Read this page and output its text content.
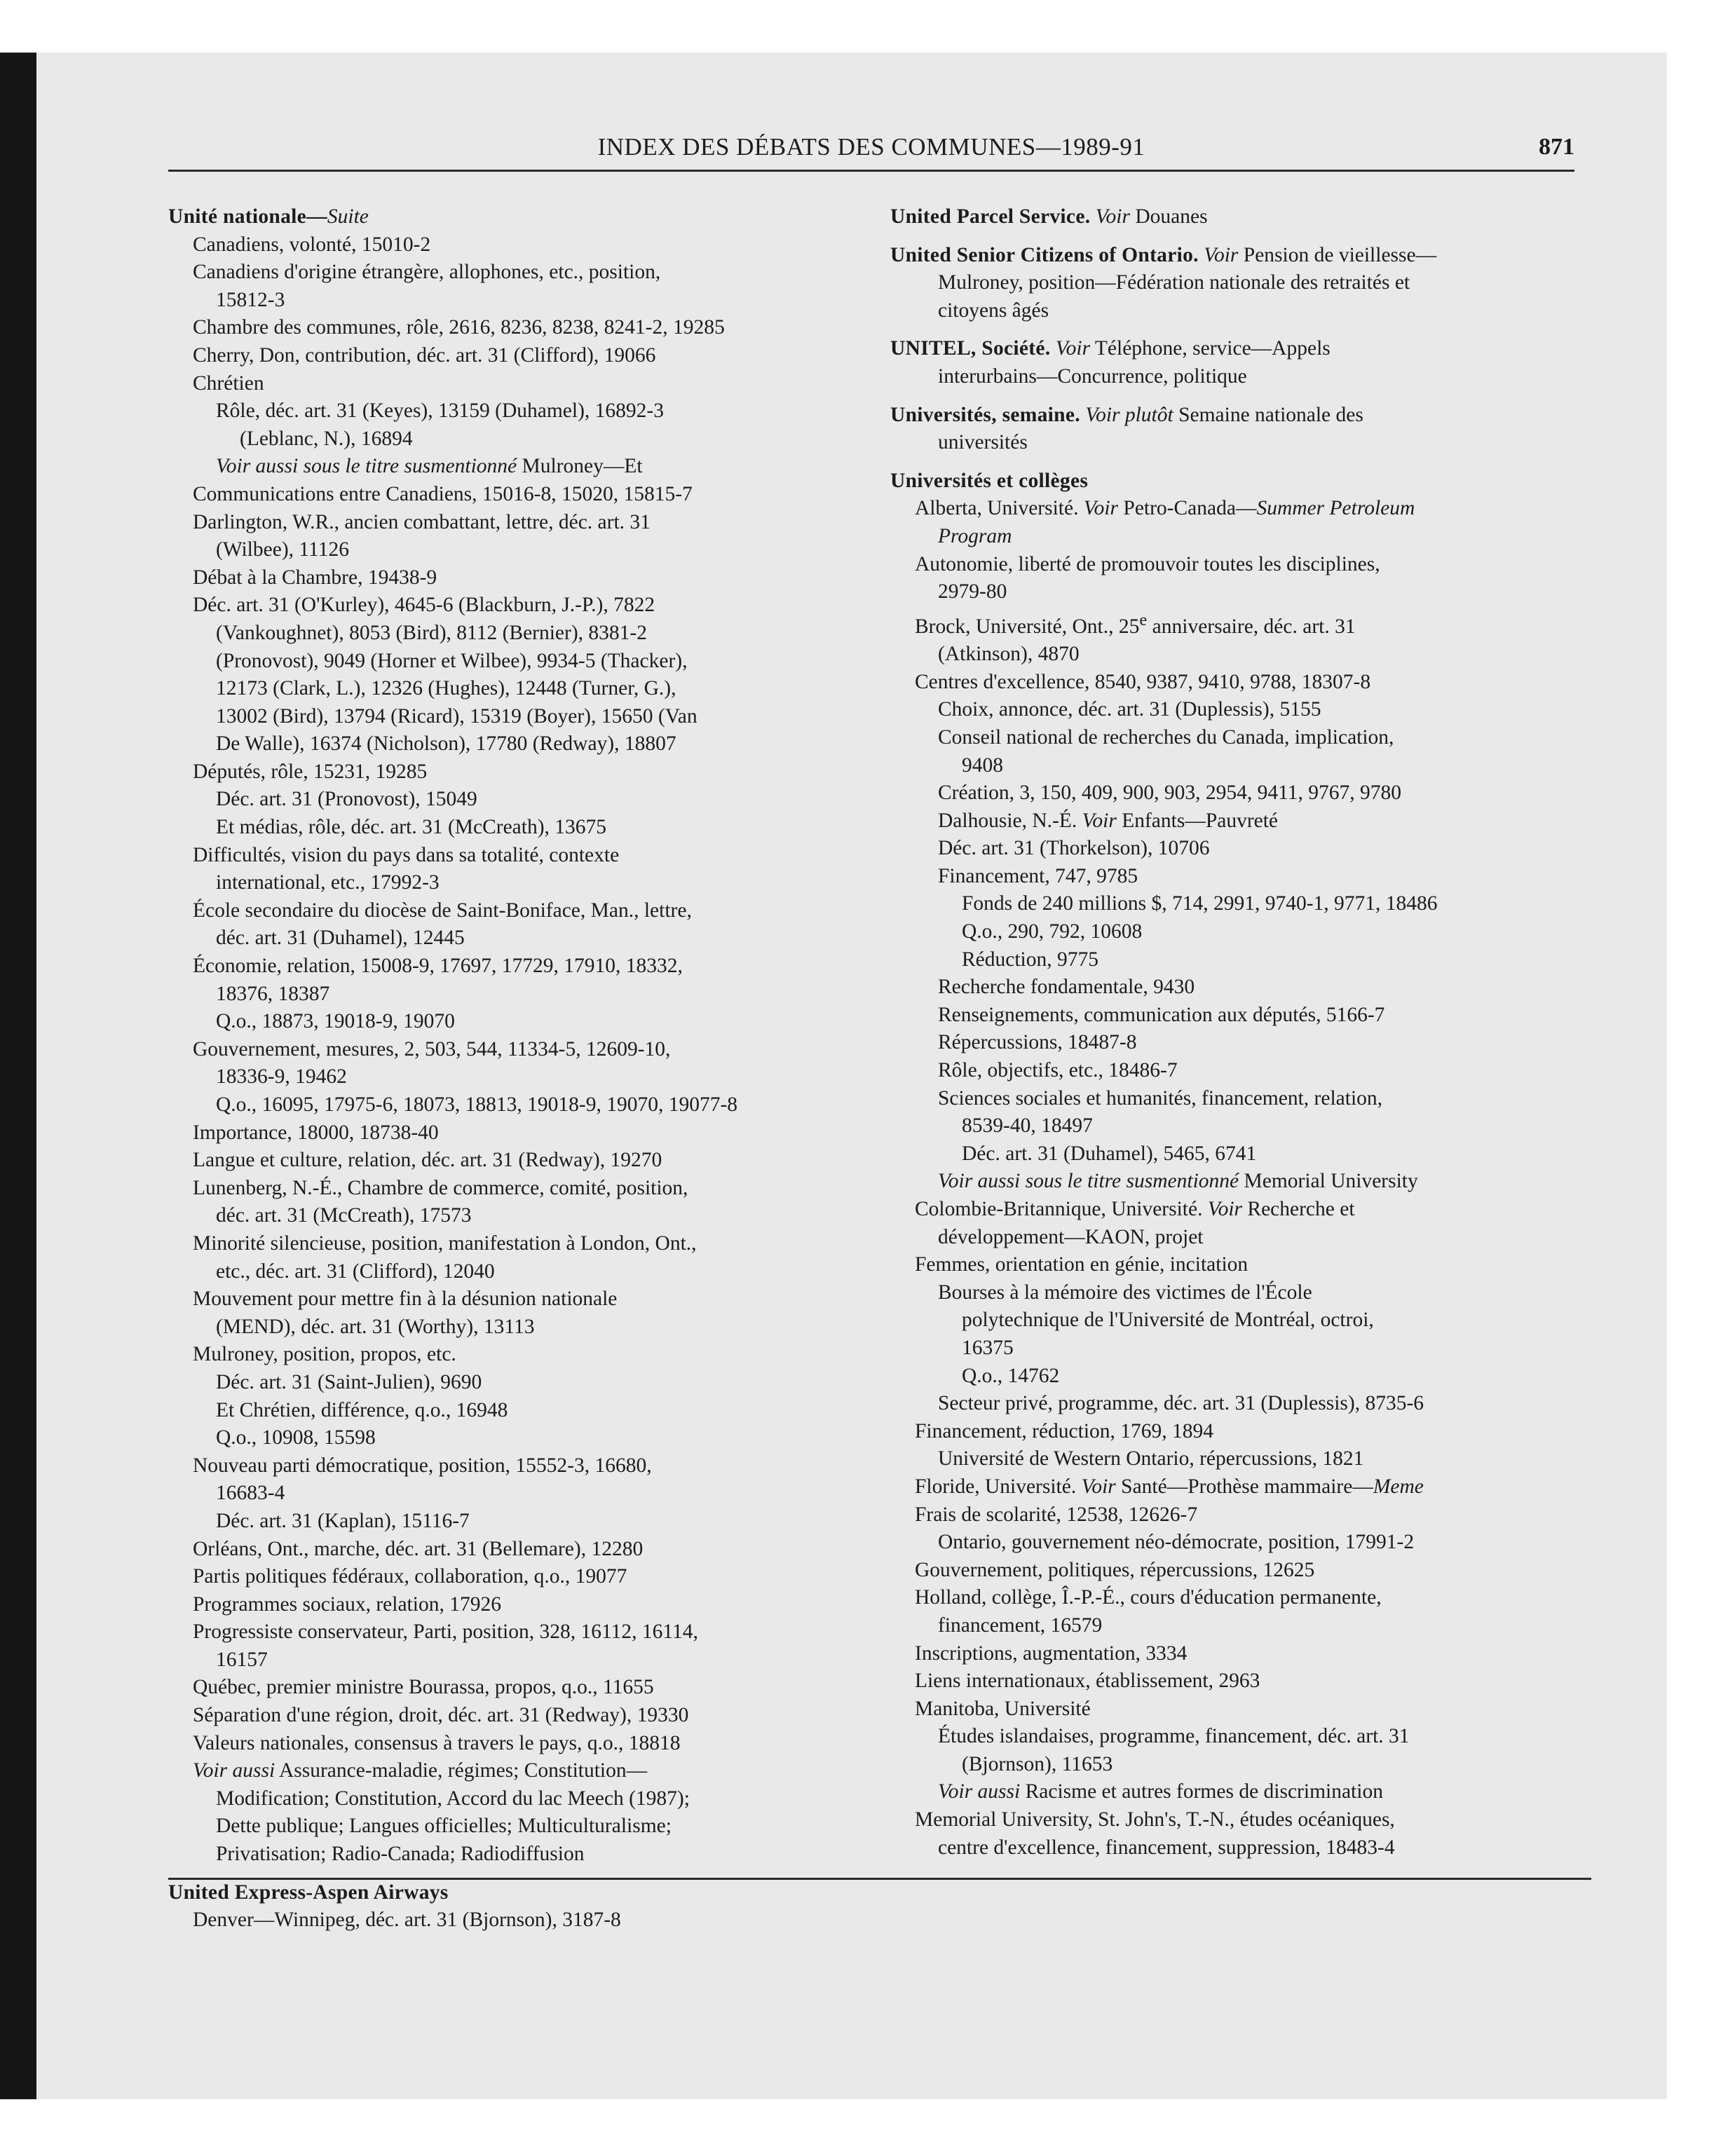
INDEX DES DÉBATS DES COMMUNES—1989-91	871
Unité nationale—Suite
Canadiens, volonté, 15010-2
Canadiens d'origine étrangère, allophones, etc., position,
15812-3
Chambre des communes, rôle, 2616, 8236, 8238, 8241-2, 19285
Cherry, Don, contribution, déc. art. 31 (Clifford), 19066
Chrétien
Rôle, déc. art. 31 (Keyes), 13159 (Duhamel), 16892-3
(Leblanc, N.), 16894
Voir aussi sous le titre susmentionné Mulroney—Et
Communications entre Canadiens, 15016-8, 15020, 15815-7
Darlington, W.R., ancien combattant, lettre, déc. art. 31
(Wilbee), 11126
Débat à la Chambre, 19438-9
Déc. art. 31 (O'Kurley), 4645-6 (Blackburn, J.-P.), 7822
(Vankoughnet), 8053 (Bird), 8112 (Bernier), 8381-2
(Pronovost), 9049 (Horner et Wilbee), 9934-5 (Thacker),
12173 (Clark, L.), 12326 (Hughes), 12448 (Turner, G.),
13002 (Bird), 13794 (Ricard), 15319 (Boyer), 15650 (Van
De Walle), 16374 (Nicholson), 17780 (Redway), 18807
Députés, rôle, 15231, 19285
Déc. art. 31 (Pronovost), 15049
Et médias, rôle, déc. art. 31 (McCreath), 13675
Difficultés, vision du pays dans sa totalité, contexte
international, etc., 17992-3
École secondaire du diocèse de Saint-Boniface, Man., lettre,
déc. art. 31 (Duhamel), 12445
Économie, relation, 15008-9, 17697, 17729, 17910, 18332,
18376, 18387
Q.o., 18873, 19018-9, 19070
Gouvernement, mesures, 2, 503, 544, 11334-5, 12609-10,
18336-9, 19462
Q.o., 16095, 17975-6, 18073, 18813, 19018-9, 19070, 19077-8
Importance, 18000, 18738-40
Langue et culture, relation, déc. art. 31 (Redway), 19270
Lunenberg, N.-É., Chambre de commerce, comité, position,
déc. art. 31 (McCreath), 17573
Minorité silencieuse, position, manifestation à London, Ont.,
etc., déc. art. 31 (Clifford), 12040
Mouvement pour mettre fin à la désunion nationale
(MEND), déc. art. 31 (Worthy), 13113
Mulroney, position, propos, etc.
Déc. art. 31 (Saint-Julien), 9690
Et Chrétien, différence, q.o., 16948
Q.o., 10908, 15598
Nouveau parti démocratique, position, 15552-3, 16680,
16683-4
Déc. art. 31 (Kaplan), 15116-7
Orléans, Ont., marche, déc. art. 31 (Bellemare), 12280
Partis politiques fédéraux, collaboration, q.o., 19077
Programmes sociaux, relation, 17926
Progressiste conservateur, Parti, position, 328, 16112, 16114,
16157
Québec, premier ministre Bourassa, propos, q.o., 11655
Séparation d'une région, droit, déc. art. 31 (Redway), 19330
Valeurs nationales, consensus à travers le pays, q.o., 18818
Voir aussi Assurance-maladie, régimes; Constitution—
Modification; Constitution, Accord du lac Meech (1987);
Dette publique; Langues officielles; Multiculturalisme;
Privatisation; Radio-Canada; Radiodiffusion
United Express-Aspen Airways
Denver—Winnipeg, déc. art. 31 (Bjornson), 3187-8
United Parcel Service. Voir Douanes
United Senior Citizens of Ontario. Voir Pension de vieillesse—
Mulroney, position—Fédération nationale des retraités et
citoyens âgés
UNITEL, Société. Voir Téléphone, service—Appels
interurbains—Concurrence, politique
Universités, semaine. Voir plutôt Semaine nationale des
universités
Universités et collèges
Alberta, Université. Voir Petro-Canada—Summer Petroleum
Program
Autonomie, liberté de promouvoir toutes les disciplines,
2979-80
Brock, Université, Ont., 25e anniversaire, déc. art. 31
(Atkinson), 4870
Centres d'excellence, 8540, 9387, 9410, 9788, 18307-8
Choix, annonce, déc. art. 31 (Duplessis), 5155
Conseil national de recherches du Canada, implication,
9408
Création, 3, 150, 409, 900, 903, 2954, 9411, 9767, 9780
Dalhousie, N.-É. Voir Enfants—Pauvreté
Déc. art. 31 (Thorkelson), 10706
Financement, 747, 9785
Fonds de 240 millions $, 714, 2991, 9740-1, 9771, 18486
Q.o., 290, 792, 10608
Réduction, 9775
Recherche fondamentale, 9430
Renseignements, communication aux députés, 5166-7
Répercussions, 18487-8
Rôle, objectifs, etc., 18486-7
Sciences sociales et humanités, financement, relation,
8539-40, 18497
Déc. art. 31 (Duhamel), 5465, 6741
Voir aussi sous le titre susmentionné Memorial University
Colombie-Britannique, Université. Voir Recherche et
développement—KAON, projet
Femmes, orientation en génie, incitation
Bourses à la mémoire des victimes de l'École
polytechnique de l'Université de Montréal, octroi,
16375
Q.o., 14762
Secteur privé, programme, déc. art. 31 (Duplessis), 8735-6
Financement, réduction, 1769, 1894
Université de Western Ontario, répercussions, 1821
Floride, Université. Voir Santé—Prothèse mammaire—Meme
Frais de scolarité, 12538, 12626-7
Ontario, gouvernement néo-démocrate, position, 17991-2
Gouvernement, politiques, répercussions, 12625
Holland, collège, Î.-P.-É., cours d'éducation permanente,
financement, 16579
Inscriptions, augmentation, 3334
Liens internationaux, établissement, 2963
Manitoba, Université
Études islandaises, programme, financement, déc. art. 31
(Bjornson), 11653
Voir aussi Racisme et autres formes de discrimination
Memorial University, St. John's, T.-N., études océaniques,
centre d'excellence, financement, suppression, 18483-4
